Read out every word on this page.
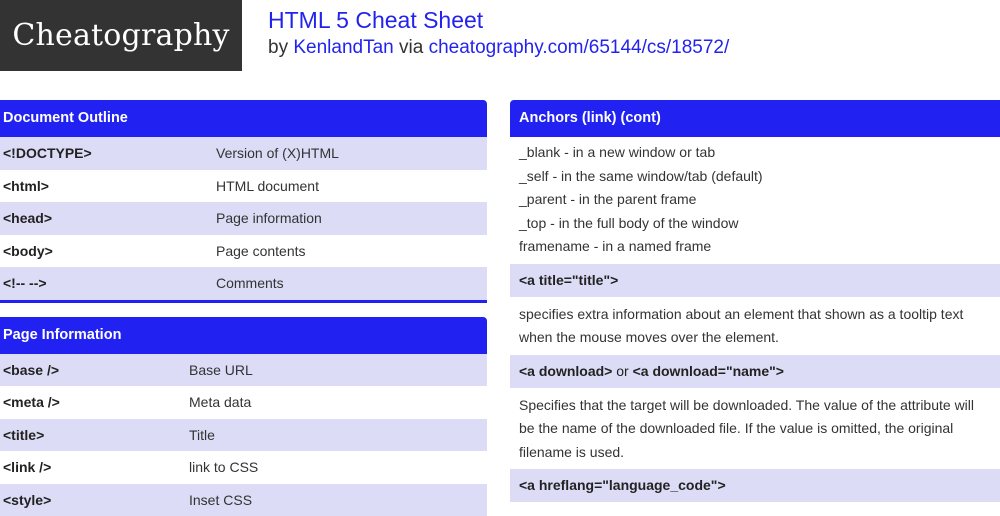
Cheatography	HTML 5 Cheat Sheet
by KenlandTan via cheatography.com/65144/cs/18572/
Document Outline
<!DOCTYPE>	Version of (X)HTML
<html>	HTML document
<head>	Page information
<body>	Page contents
<!-- -->	Comments
Page Information
<base />	Base URL
<meta />	Meta data
<title>	Title
<link />	link to CSS
<style>	Inset CSS
Anchors (link) (cont)
_blank - in a new window or tab
_self - in the same window/tab (default)
_parent - in the parent frame
_top - in the full body of the window
framename - in a named frame
<a title="title">
specifies extra information about an element that shown as a tooltip text when the mouse moves over the element.
<a download> or <a download="name">
Specifies that the target will be downloaded. The value of the attribute will be the name of the downloaded file. If the value is omitted, the original filename is used.
<a hreflang="language_code">
